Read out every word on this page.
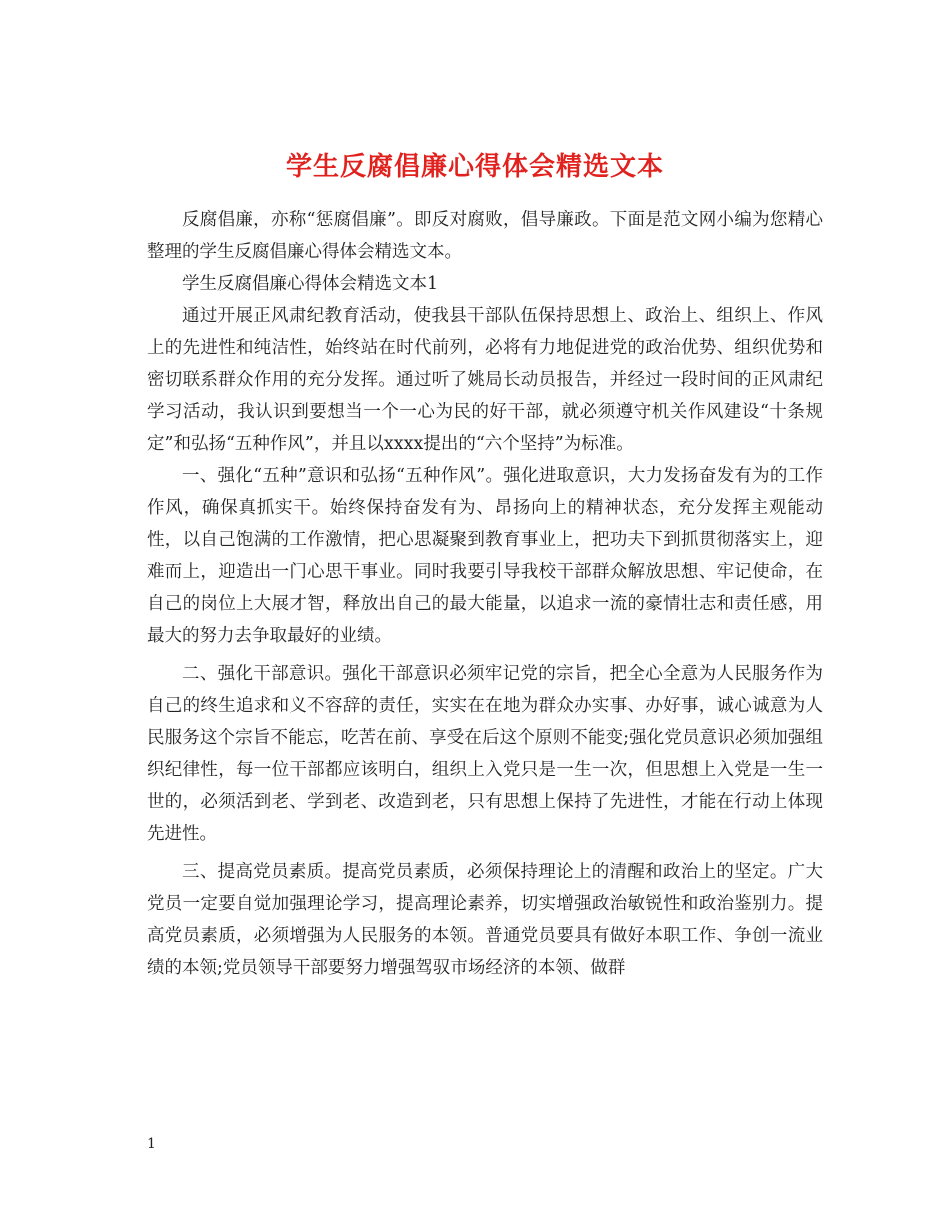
学生反腐倡廉心得体会精选文本

反腐倡廉，亦称“惩腐倡廉”。即反对腐败，倡导廉政。下面是范文网小编为您精心整理的学生反腐倡廉心得体会精选文本。

学生反腐倡廉心得体会精选文本1

通过开展正风肃纪教育活动，使我县干部队伍保持思想上、政治上、组织上、作风上的先进性和纯洁性，始终站在时代前列，必将有力地促进党的政治优势、组织优势和密切联系群众作用的充分发挥。通过听了姚局长动员报告，并经过一段时间的正风肃纪学习活动，我认识到要想当一个一心为民的好干部，就必须遵守机关作风建设“十条规定”和弘扬“五种作风”，并且以xxxx提出的“六个坚持”为标准。

一、强化“五种”意识和弘扬“五种作风”。强化进取意识，大力发扬奋发有为的工作作风，确保真抓实干。始终保持奋发有为、昂扬向上的精神状态，充分发挥主观能动性，以自己饱满的工作激情，把心思凝聚到教育事业上，把功夫下到抓贯彻落实上，迎难而上，迎造出一门心思干事业。同时我要引导我校干部群众解放思想、牢记使命，在自己的岗位上大展才智，释放出自己的最大能量，以追求一流的豪情壮志和责任感，用最大的努力去争取最好的业绩。

二、强化干部意识。强化干部意识必须牢记党的宗旨，把全心全意为人民服务作为自己的终生追求和义不容辞的责任，实实在在地为群众办实事、办好事，诚心诚意为人民服务这个宗旨不能忘，吃苦在前、享受在后这个原则不能变;强化党员意识必须加强组织纪律性，每一位干部都应该明白，组织上入党只是一生一次，但思想上入党是一生一世的，必须活到老、学到老、改造到老，只有思想上保持了先进性，才能在行动上体现先进性。

三、提高党员素质。提高党员素质，必须保持理论上的清醒和政治上的坚定。广大党员一定要自觉加强理论学习，提高理论素养，切实增强政治敏锐性和政治鉴别力。提高党员素质，必须增强为人民服务的本领。普通党员要具有做好本职工作、争创一流业绩的本领;党员领导干部要努力增强驾驭市场经济的本领、做群

1
